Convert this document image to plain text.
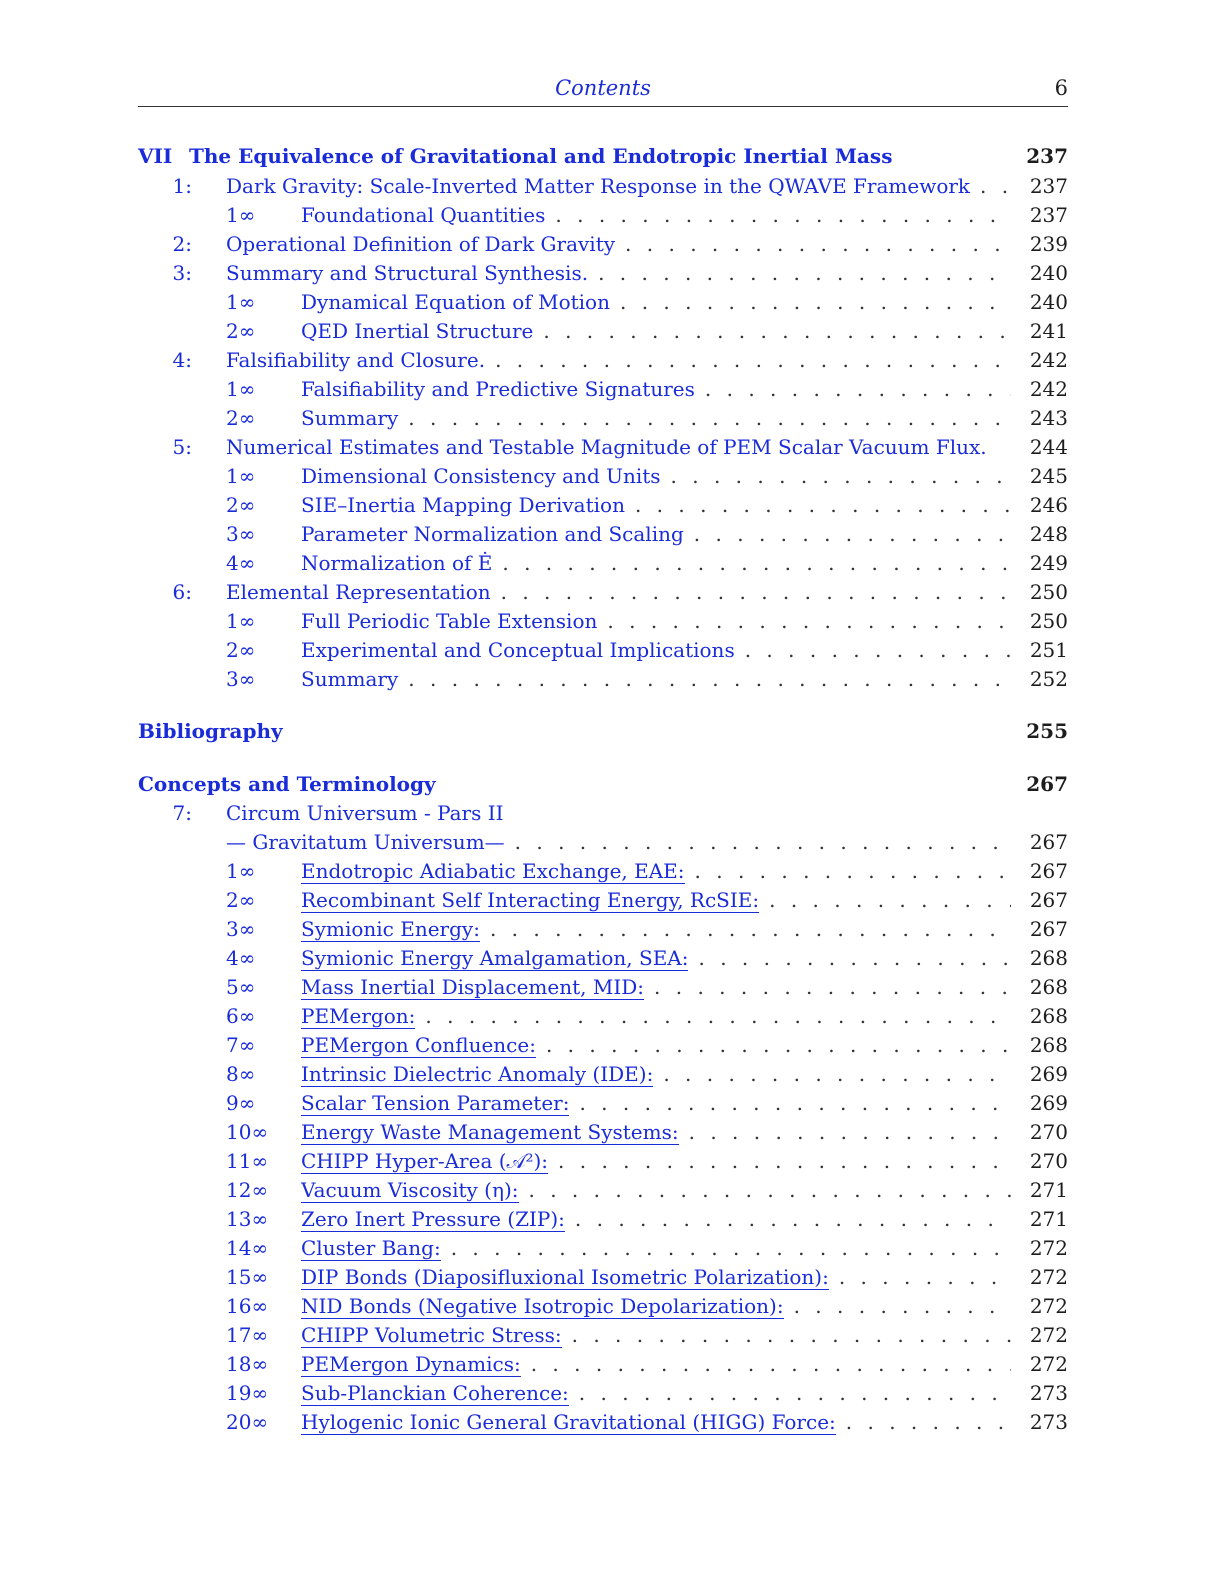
Contents	6
VII The Equivalence of Gravitational and Endotropic Inertial Mass	237
1: Dark Gravity: Scale-Inverted Matter Response in the QWAVE Framework . . .	237
1∞ Foundational Quantities . . .	237
2: Operational Definition of Dark Gravity . . .	239
3: Summary and Structural Synthesis. . . .	240
1∞ Dynamical Equation of Motion . . .	240
2∞ QED Inertial Structure . . .	241
4: Falsifiability and Closure. . . .	242
1∞ Falsifiability and Predictive Signatures . . .	242
2∞ Summary . . .	243
5: Numerical Estimates and Testable Magnitude of PEM Scalar Vacuum Flux.	244
1∞ Dimensional Consistency and Units . . .	245
2∞ SIE–Inertia Mapping Derivation . . .	246
3∞ Parameter Normalization and Scaling . . .	248
4∞ Normalization of Ė . . .	249
6: Elemental Representation . . .	250
1∞ Full Periodic Table Extension . . .	250
2∞ Experimental and Conceptual Implications . . .	251
3∞ Summary . . .	252
Bibliography	255
Concepts and Terminology	267
7: Circum Universum - Pars II
— Gravitatum Universum— . . .	267
1∞ Endotropic Adiabatic Exchange, EAE: . . .	267
2∞ Recombinant Self Interacting Energy, RcSIE: . . .	267
3∞ Symionic Energy: . . .	267
4∞ Symionic Energy Amalgamation, SEA: . . .	268
5∞ Mass Inertial Displacement, MID: . . .	268
6∞ PEMergon: . . .	268
7∞ PEMergon Confluence: . . .	268
8∞ Intrinsic Dielectric Anomaly (IDE): . . .	269
9∞ Scalar Tension Parameter: . . .	269
10∞ Energy Waste Management Systems: . . .	270
11∞ CHIPP Hyper-Area (𝒜²): . . .	270
12∞ Vacuum Viscosity (η): . . .	271
13∞ Zero Inert Pressure (ZIP): . . .	271
14∞ Cluster Bang: . . .	272
15∞ DIP Bonds (Diaposifluxional Isometric Polarization): . . .	272
16∞ NID Bonds (Negative Isotropic Depolarization): . . .	272
17∞ CHIPP Volumetric Stress: . . .	272
18∞ PEMergon Dynamics: . . .	272
19∞ Sub-Planckian Coherence: . . .	273
20∞ Hylogenic Ionic General Gravitational (HIGG) Force: . . .	273
